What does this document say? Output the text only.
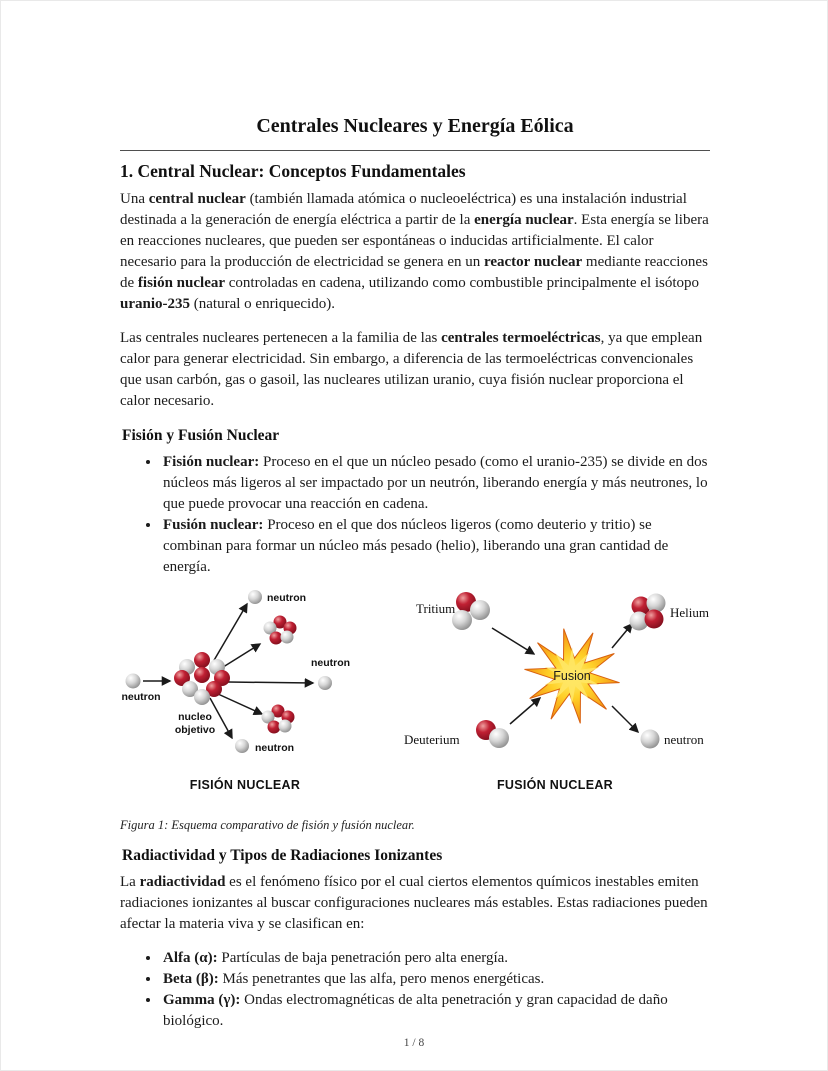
Centrales Nucleares y Energía Eólica
1. Central Nuclear: Conceptos Fundamentales

Una central nuclear (también llamada atómica o nucleoeléctrica) es una instalación industrial destinada a la generación de energía eléctrica a partir de la energía nuclear. Esta energía se libera en reacciones nucleares, que pueden ser espontáneas o inducidas artificialmente. El calor necesario para la producción de electricidad se genera en un reactor nuclear mediante reacciones de fisión nuclear controladas en cadena, utilizando como combustible principalmente el isótopo uranio-235 (natural o enriquecido).

Las centrales nucleares pertenecen a la familia de las centrales termoeléctricas, ya que emplean calor para generar electricidad. Sin embargo, a diferencia de las termoeléctricas convencionales que usan carbón, gas o gasoil, las nucleares utilizan uranio, cuya fisión nuclear proporciona el calor necesario.

Fisión y Fusión Nuclear
• Fisión nuclear: Proceso en el que un núcleo pesado (como el uranio-235) se divide en dos núcleos más ligeros al ser impactado por un neutrón, liberando energía y más neutrones, lo que puede provocar una reacción en cadena.
• Fusión nuclear: Proceso en el que dos núcleos ligeros (como deuterio y tritio) se combinan para formar un núcleo más pesado (helio), liberando una gran cantidad de energía.
neutron
nucleo
objetivo
neutron
neutron
neutron
FISIÓN NUCLEAR
Tritium
Deuterium
Fusion
Helium
neutron
FUSIÓN NUCLEAR
Figura 1: Esquema comparativo de fisión y fusión nuclear.
Radiactividad y Tipos de Radiaciones Ionizantes

La radiactividad es el fenómeno físico por el cual ciertos elementos químicos inestables emiten radiaciones ionizantes al buscar configuraciones nucleares más estables. Estas radiaciones pueden afectar la materia viva y se clasifican en:

• Alfa (α): Partículas de baja penetración pero alta energía.
• Beta (β): Más penetrantes que las alfa, pero menos energéticas.
• Gamma (γ): Ondas electromagnéticas de alta penetración y gran capacidad de daño biológico.
1 / 8
